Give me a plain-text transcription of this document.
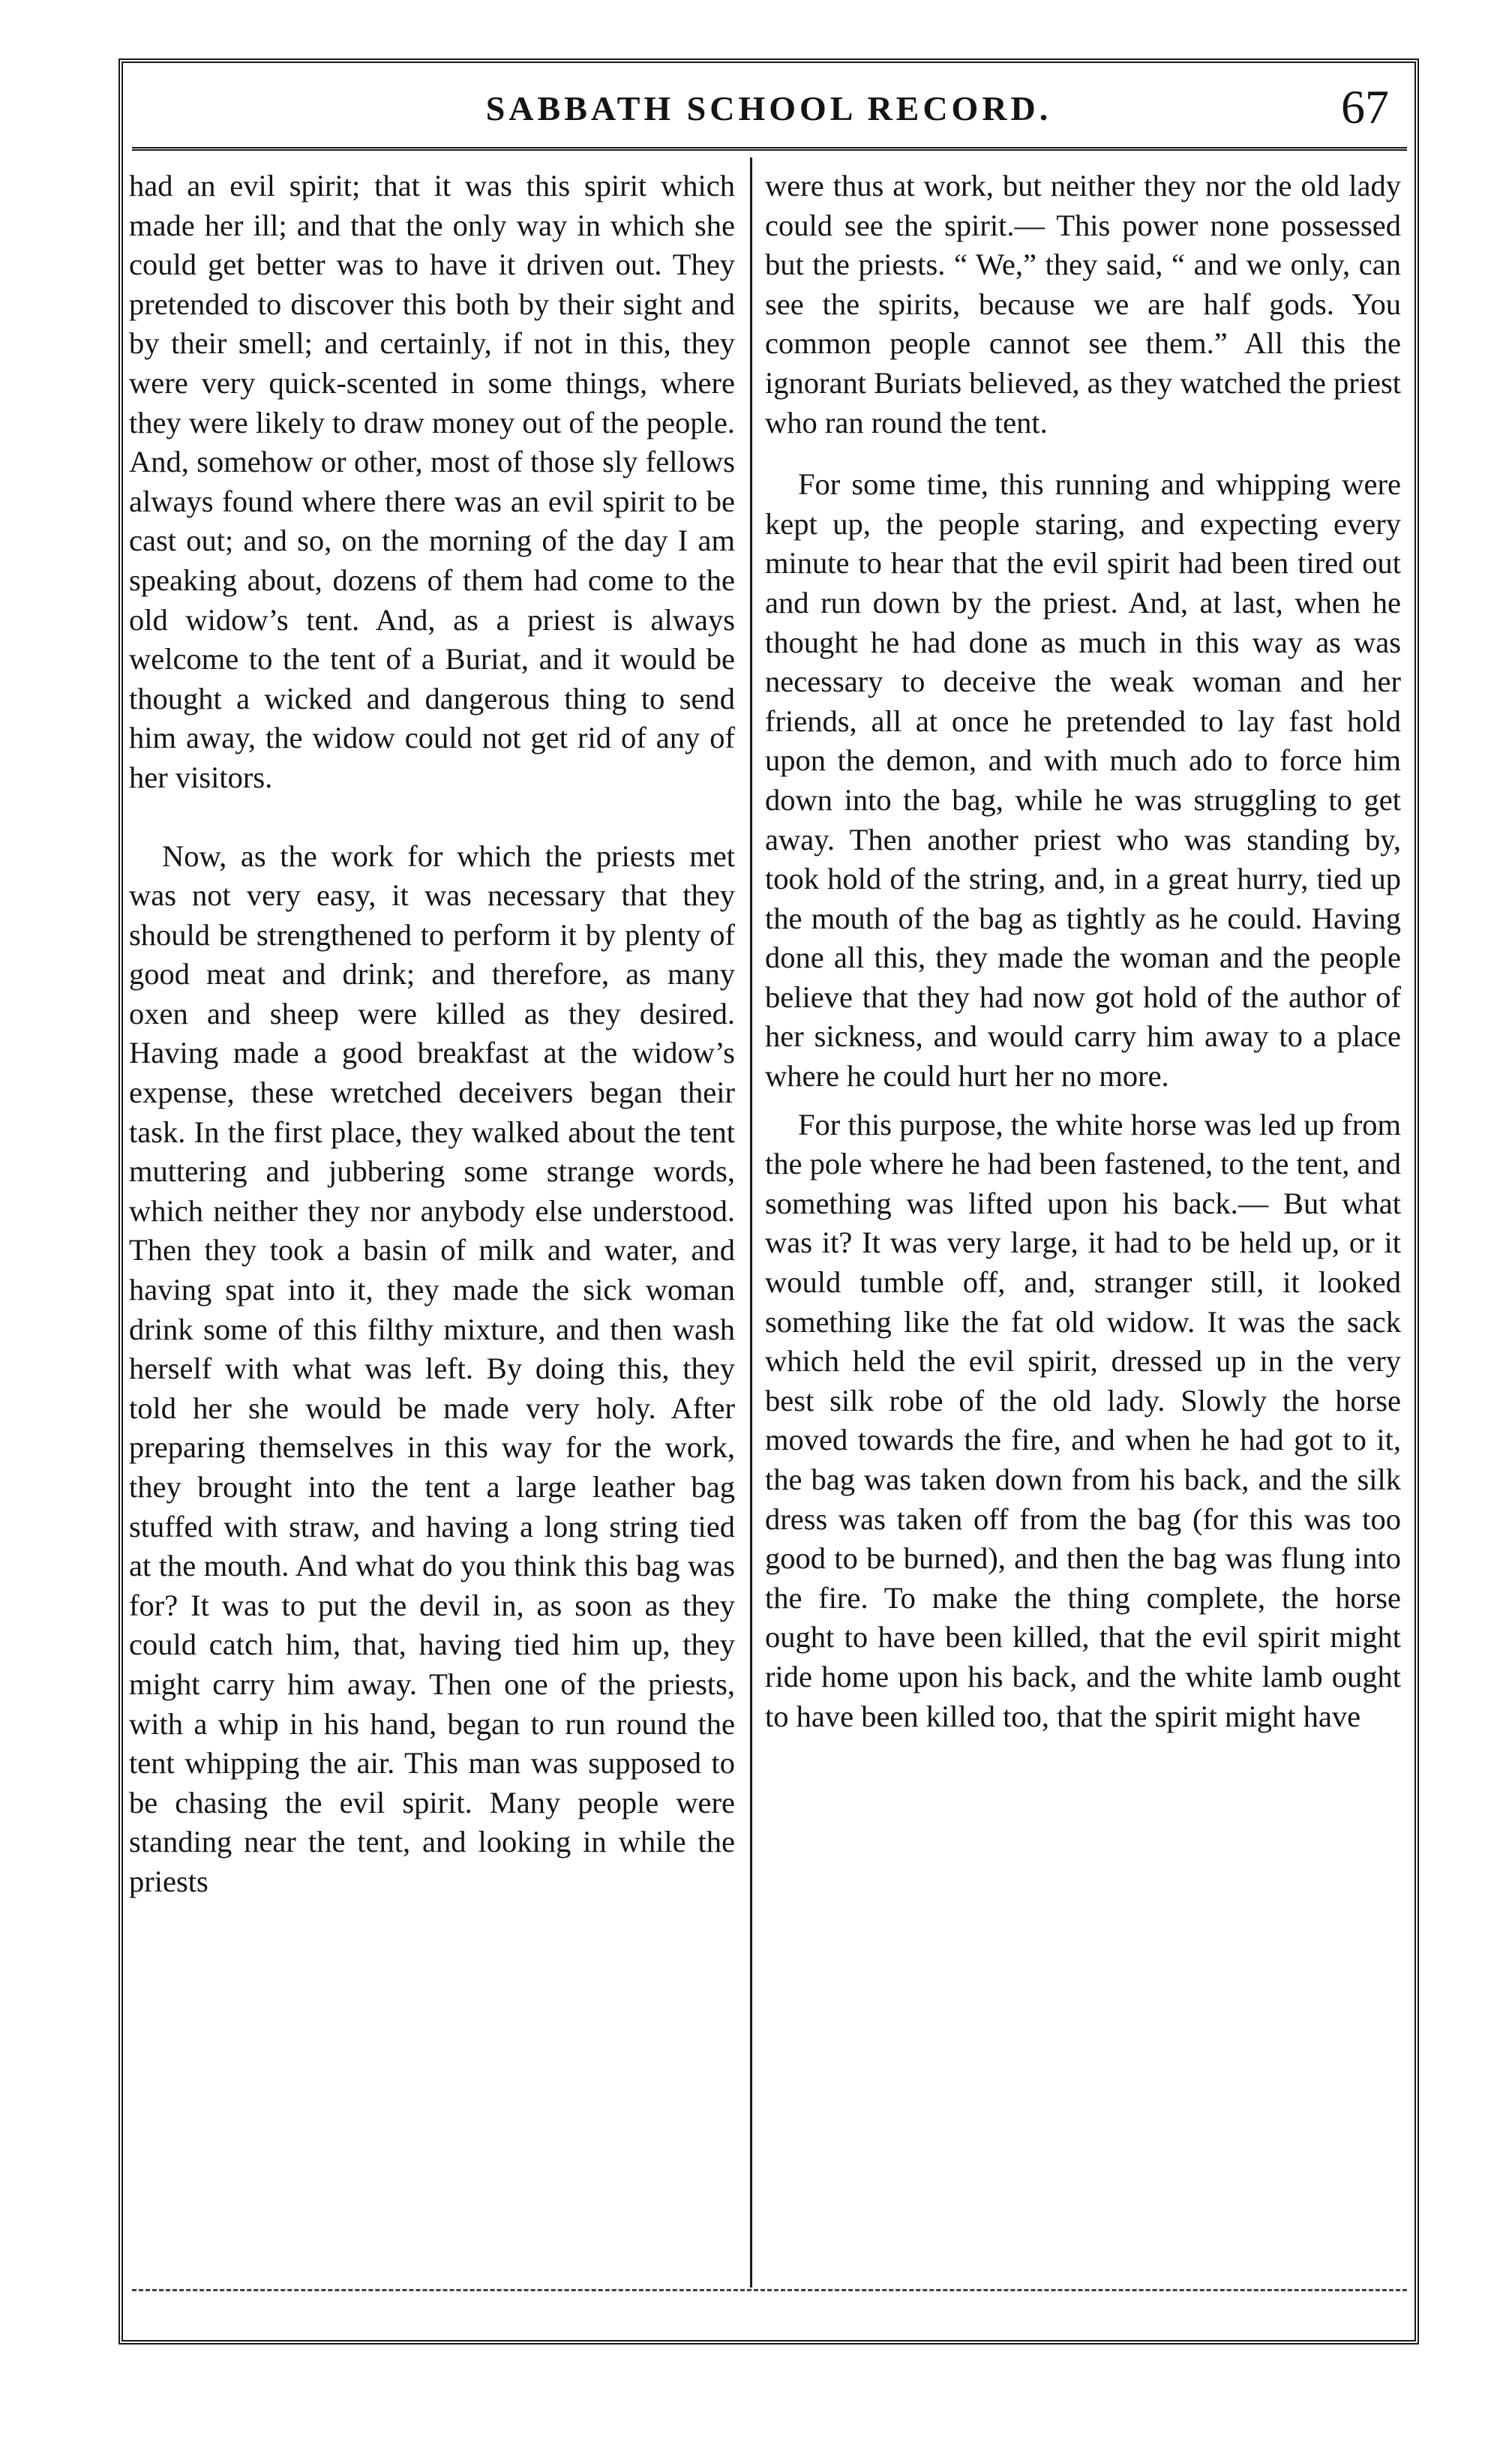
SABBATH SCHOOL RECORD.	67

had an evil spirit; that it was this spirit which made her ill; and that the only way in which she could get better was to have it driven out. They pretended to discover this both by their sight and by their smell; and certainly, if not in this, they were very quick-scented in some things, where they were likely to draw money out of the people. And, somehow or other, most of those sly fellows always found where there was an evil spirit to be cast out; and so, on the morning of the day I am speaking about, dozens of them had come to the old widow’s tent. And, as a priest is always welcome to the tent of a Buriat, and it would be thought a wicked and dangerous thing to send him away, the widow could not get rid of any of her visitors.

Now, as the work for which the priests met was not very easy, it was necessary that they should be strengthened to perform it by plenty of good meat and drink; and therefore, as many oxen and sheep were killed as they desired. Having made a good breakfast at the widow’s expense, these wretched deceivers began their task. In the first place, they walked about the tent muttering and jubbering some strange words, which neither they nor anybody else understood. Then they took a basin of milk and water, and having spat into it, they made the sick woman drink some of this filthy mixture, and then wash herself with what was left. By doing this, they told her she would be made very holy. After preparing themselves in this way for the work, they brought into the tent a large leather bag stuffed with straw, and having a long string tied at the mouth. And what do you think this bag was for? It was to put the devil in, as soon as they could catch him, that, having tied him up, they might carry him away. Then one of the priests, with a whip in his hand, began to run round the tent whipping the air. This man was supposed to be chasing the evil spirit. Many people were standing near the tent, and looking in while the priests

were thus at work, but neither they nor the old lady could see the spirit.— This power none possessed but the priests. “ We,” they said, “ and we only, can see the spirits, because we are half gods. You common people cannot see them.” All this the ignorant Buriats believed, as they watched the priest who ran round the tent.

For some time, this running and whipping were kept up, the people staring, and expecting every minute to hear that the evil spirit had been tired out and run down by the priest. And, at last, when he thought he had done as much in this way as was necessary to deceive the weak woman and her friends, all at once he pretended to lay fast hold upon the demon, and with much ado to force him down into the bag, while he was struggling to get away. Then another priest who was standing by, took hold of the string, and, in a great hurry, tied up the mouth of the bag as tightly as he could. Having done all this, they made the woman and the people believe that they had now got hold of the author of her sickness, and would carry him away to a place where he could hurt her no more.

For this purpose, the white horse was led up from the pole where he had been fastened, to the tent, and something was lifted upon his back.— But what was it? It was very large, it had to be held up, or it would tumble off, and, stranger still, it looked something like the fat old widow. It was the sack which held the evil spirit, dressed up in the very best silk robe of the old lady. Slowly the horse moved towards the fire, and when he had got to it, the bag was taken down from his back, and the silk dress was taken off from the bag (for this was too good to be burned), and then the bag was flung into the fire. To make the thing complete, the horse ought to have been killed, that the evil spirit might ride home upon his back, and the white lamb ought to have been killed too, that the spirit might have
